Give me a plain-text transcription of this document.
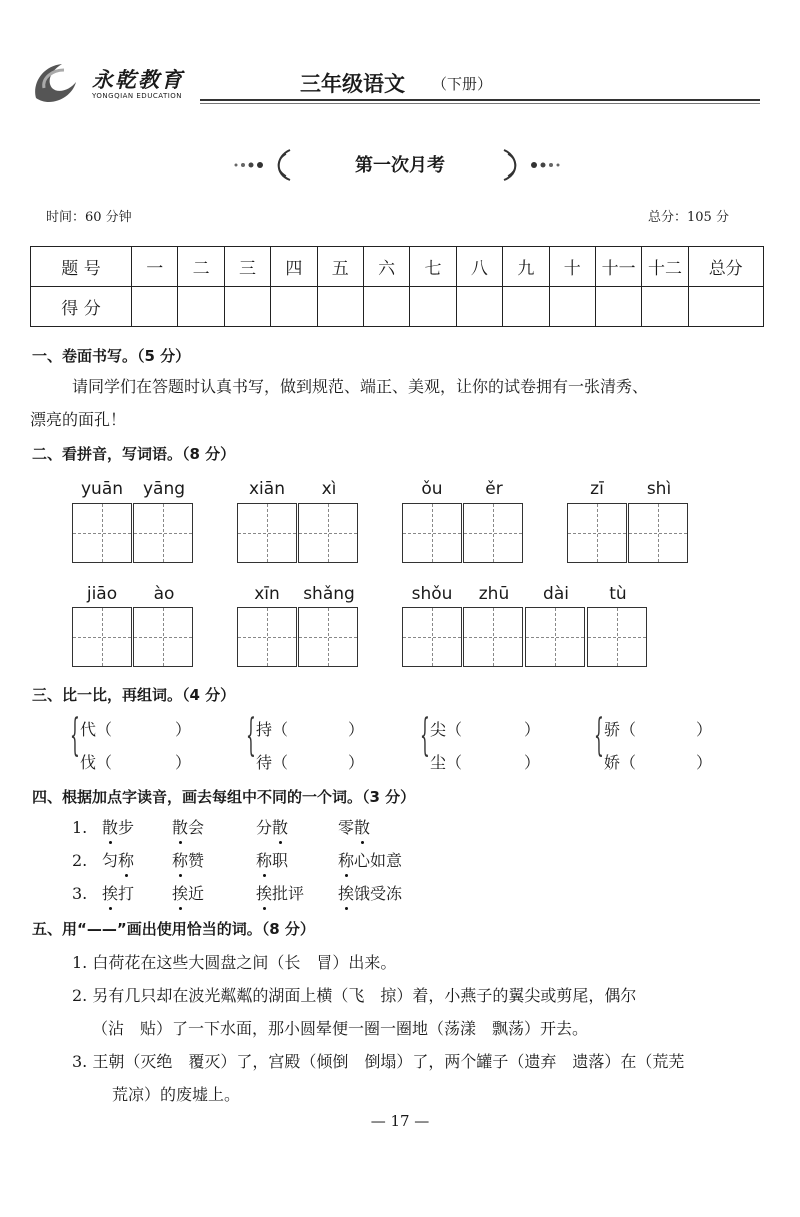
永乾教育
YONGQIAN EDUCATION	三年级语文 （下册）
第一次月考
时间：60 分钟	总分：105 分
题 号	一	二	三	四	五	六	七	八	九	十	十一	十二	总分
得 分													
一、卷面书写。（5 分）
请同学们在答题时认真书写，做到规范、端正、美观，让你的试卷拥有一张清秀、
漂亮的面孔！
二、看拼音，写词语。（8 分）
yuān	yāng	xiān	xì	ǒu	ěr	zī	shì
jiāo	ào	xīn	shǎng	shǒu	zhū	dài	tù
三、比一比，再组词。（4 分）
{ 代（	）
伐（	）
{ 持（	）
待（	）
{ 尖（	）
尘（	）
{ 骄（	）
娇（	）
四、根据加点字读音，画去每组中不同的一个词。（3 分）
1. 散步 散会	分散	零散
2. 匀称 称赞	称职	称心如意
3. 挨打 挨近	挨批评 挨饿受冻
五、用“——”画出使用恰当的词。（8 分）
1. 白荷花在这些大圆盘之间（长　冒）出来。
2. 另有几只却在波光粼粼的湖面上横（飞　掠）着，小燕子的翼尖或剪尾，偶尔
（沾　贴）了一下水面，那小圆晕便一圈一圈地（荡漾　飘荡）开去。
3. 王朝（灭绝　覆灭）了，宫殿（倾倒　倒塌）了，两个罐子（遗弃　遗落）在（荒芜
荒凉）的废墟上。
— 17 —
